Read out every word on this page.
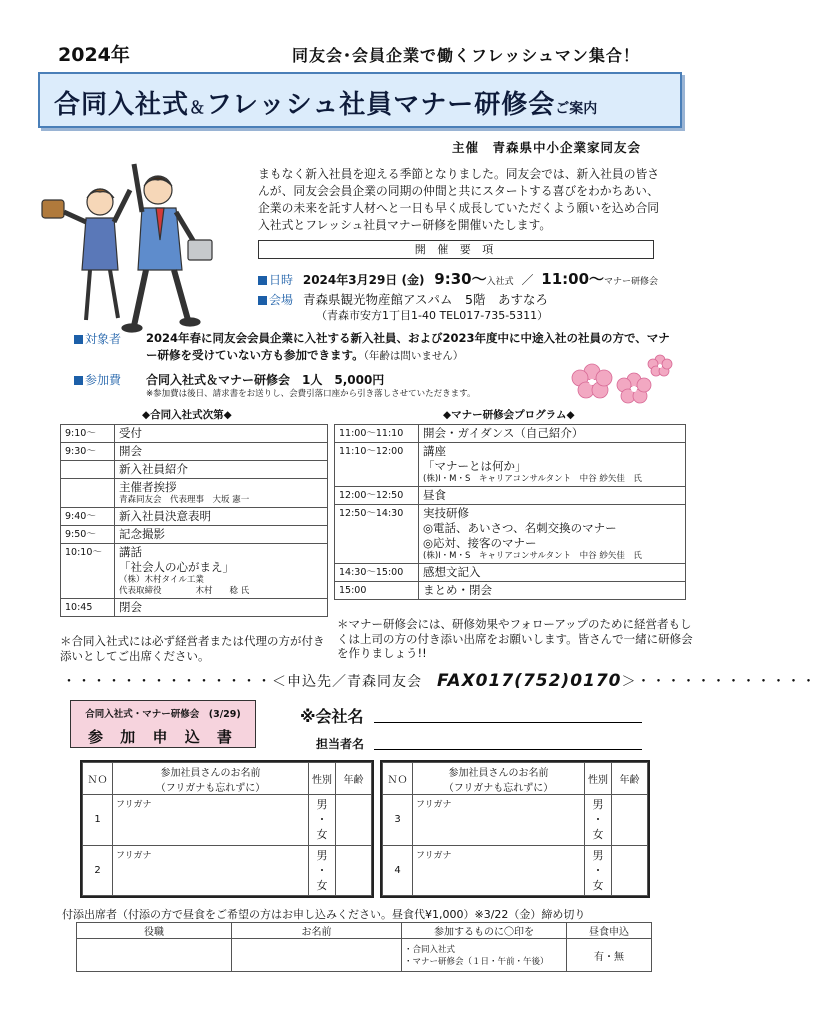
2024年	同友会･会員企業で働くフレッシュマン集合！
合同入社式＆フレッシュ社員マナー研修会ご案内
主催　青森県中小企業家同友会
まもなく新入社員を迎える季節となりました。同友会では、新入社員の皆さんが、同友会会員企業の同期の仲間と共にスタートする喜びをわかちあい、企業の未来を託す人材へと一日も早く成長していただくよう願いを込め合同入社式とフレッシュ社員マナー研修を開催いたします。
開 催 要 項
日時 2024年3月29日 (金) 9:30～入社式 ／ 11:00～マナー研修会
会場 青森県観光物産館アスパム　5階　あすなろ
（青森市安方1丁目1-40 TEL017-735-5311）
対象者 2024年春に同友会会員企業に入社する新入社員、および2023年度中に中途入社の社員の方で、マナー研修を受けていない方も参加できます。（年齢は問いません）
参加費 合同入社式＆マナー研修会　1人　5,000円
※参加費は後日、請求書をお送りし、会費引落口座から引き落しさせていただきます。
◆合同入社式次第◆	◆マナー研修会プログラム◆
9:10～	受付
9:30～	開会
	新入社員紹介

	主催者挨拶
青森同友会　代表理事　大坂 憲一

9:40～	新入社員決意表明
9:50～	記念撮影
10:10～	講話
「社会人の心がまえ」
（株）木村タイル工業
代表取締役　　　　木村　　稔 氏

10:45	閉会
11:00～11:10	開会・ガイダンス（自己紹介）
11:10～12:00	講座
「マナーとは何か」
(株)I・M・S　キャリアコンサルタント　中谷 紗矢佳　氏

12:00～12:50	昼食
12:50～14:30	実技研修
◎電話、あいさつ、名刺交換のマナー
◎応対、接客のマナー
(株)I・M・S　キャリアコンサルタント　中谷 紗矢佳　氏

14:30～15:00	感想文記入
15:00	まとめ・閉会
＊合同入社式には必ず経営者または代理の方が付き添いとしてご出席ください。
＊マナー研修会には、研修効果やフォローアップのために経営者もしくは上司の方の付き添い出席をお願いします。皆さんで一緒に研修会を作りましょう!!
・・・・・・・・・・・・・・＜申込先／青森同友会　 FAX017(752)0170＞・・・・・・・・・・・・
合同入社式・マナー研修会　(3/29)
参 加 申 込 書
※会社名
担当者名
ＮＯ	参加社員さんのお名前
（フリガナも忘れずに）	性別	年齢
1	フリガナ	男
・
女	

2	フリガナ	男
・
女	

ＮＯ	参加社員さんのお名前
（フリガナも忘れずに）	性別	年齢
3	フリガナ	男
・
女	

4	フリガナ	男
・
女	

付添出席者（付添の方で昼食をご希望の方はお申し込みください。昼食代¥1,000）※3/22（金）締め切り
役職	お名前	参加するものに〇印を	昼食申込

		・合同入社式
・マナー研修会（１日・午前・午後）	有・無
